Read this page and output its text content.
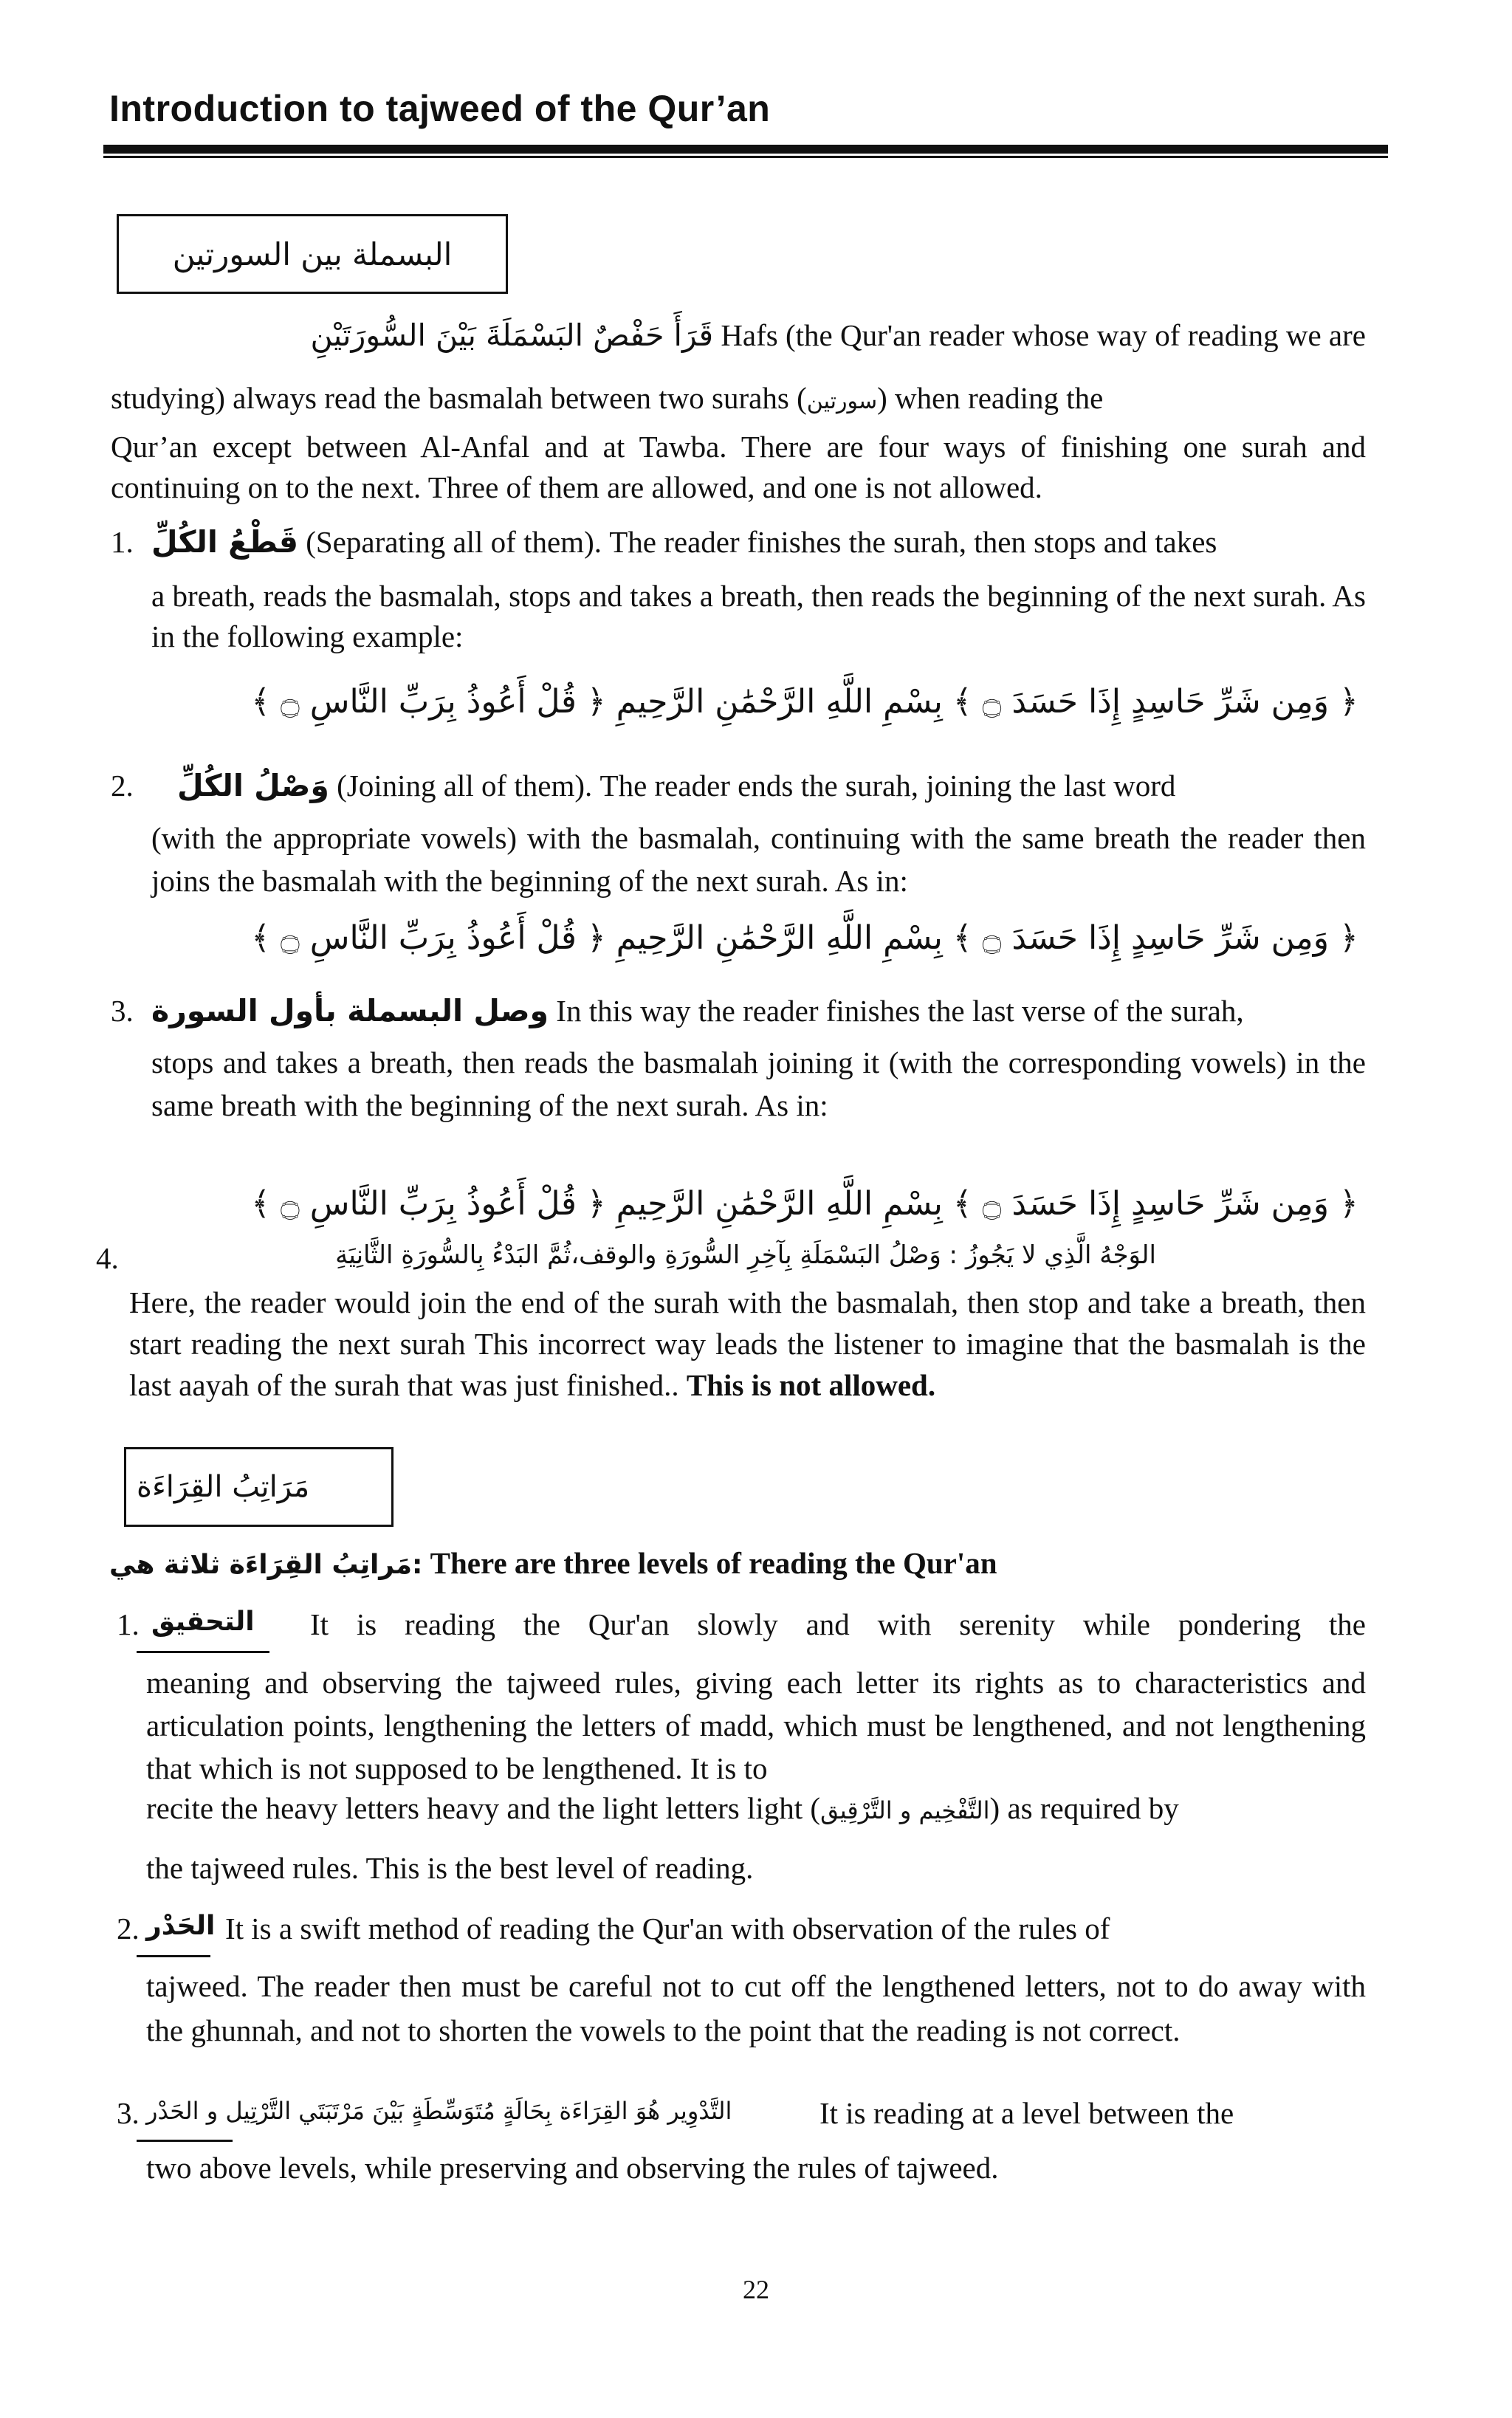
Introduction to tajweed of the Qur’an
البسملة بين السورتين
قَرَأَ حَفْصٌ البَسْمَلَةَ بَيْنَ السُّورَتَيْنِ Hafs (the Qur'an reader whose way of reading we are
studying) always read the basmalah between two surahs (سورتين) when reading the
Qur’an except between Al-Anfal and at Tawba. There are four ways of finishing one surah and continuing on to the next. Three of them are allowed, and one is not allowed.
1. قَطْعُ الكُلِّ (Separating all of them). The reader finishes the surah, then stops and takes
a breath, reads the basmalah, stops and takes a breath, then reads the beginning of the next surah. As in the following example:
﴿ وَمِن شَرِّ حَاسِدٍ إِذَا حَسَدَ ۝ ﴾ بِسْمِ اللَّهِ الرَّحْمَٰنِ الرَّحِيمِ ﴿ قُلْ أَعُوذُ بِرَبِّ النَّاسِ ۝ ﴾
2. وَصْلُ الكُلِّ (Joining all of them). The reader ends the surah, joining the last word
(with the appropriate vowels) with the basmalah, continuing with the same breath the reader then joins the basmalah with the beginning of the next surah. As in:
﴿ وَمِن شَرِّ حَاسِدٍ إِذَا حَسَدَ ۝ ﴾ بِسْمِ اللَّهِ الرَّحْمَٰنِ الرَّحِيمِ ﴿ قُلْ أَعُوذُ بِرَبِّ النَّاسِ ۝ ﴾
3. وصل البسملة بأول السورة In this way the reader finishes the last verse of the surah,
stops and takes a breath, then reads the basmalah joining it (with the corresponding vowels) in the same breath with the beginning of the next surah. As in:
﴿ وَمِن شَرِّ حَاسِدٍ إِذَا حَسَدَ ۝ ﴾ بِسْمِ اللَّهِ الرَّحْمَٰنِ الرَّحِيمِ ﴿ قُلْ أَعُوذُ بِرَبِّ النَّاسِ ۝ ﴾
4.	الوَجْهُ الَّذِي لا يَجُوزُ : وَصْلُ البَسْمَلَةِ بِآخِرِ السُّورَةِ والوقف،ثُمَّ البَدْءُ بِالسُّورَةِ الثَّانِيَةِ
Here, the reader would join the end of the surah with the basmalah, then stop and take a breath, then start reading the next surah This incorrect way leads the listener to imagine that the basmalah is the last aayah of the surah that was just finished.. This is not allowed.
مَرَاتِبُ القِرَاءَة
:مَراتِبُ القِرَاءَة ثلاثة هي There are three levels of reading the Qur'an
1. التحقيق It is reading the Qur'an slowly and with serenity while pondering the
meaning and observing the tajweed rules, giving each letter its rights as to characteristics and articulation points, lengthening the letters of madd, which must be lengthened, and not lengthening that which is not supposed to be lengthened. It is to
recite the heavy letters heavy and the light letters light (التَّفْخِيم و التَّرْقِيق) as required by
the tajweed rules. This is the best level of reading.
2. الحَدْر It is a swift method of reading the Qur'an with observation of the rules of
tajweed. The reader then must be careful not to cut off the lengthened letters, not to do away with the ghunnah, and not to shorten the vowels to the point that the reading is not correct.
3. التَّدْوِير هُوَ القِرَاءَة بِحَالَةٍ مُتَوَسِّطَةٍ بَيْنَ مَرْتَبَتَي التَّرْتِيل و الحَدْر	It is reading at a level between the
two above levels, while preserving and observing the rules of tajweed.
22
